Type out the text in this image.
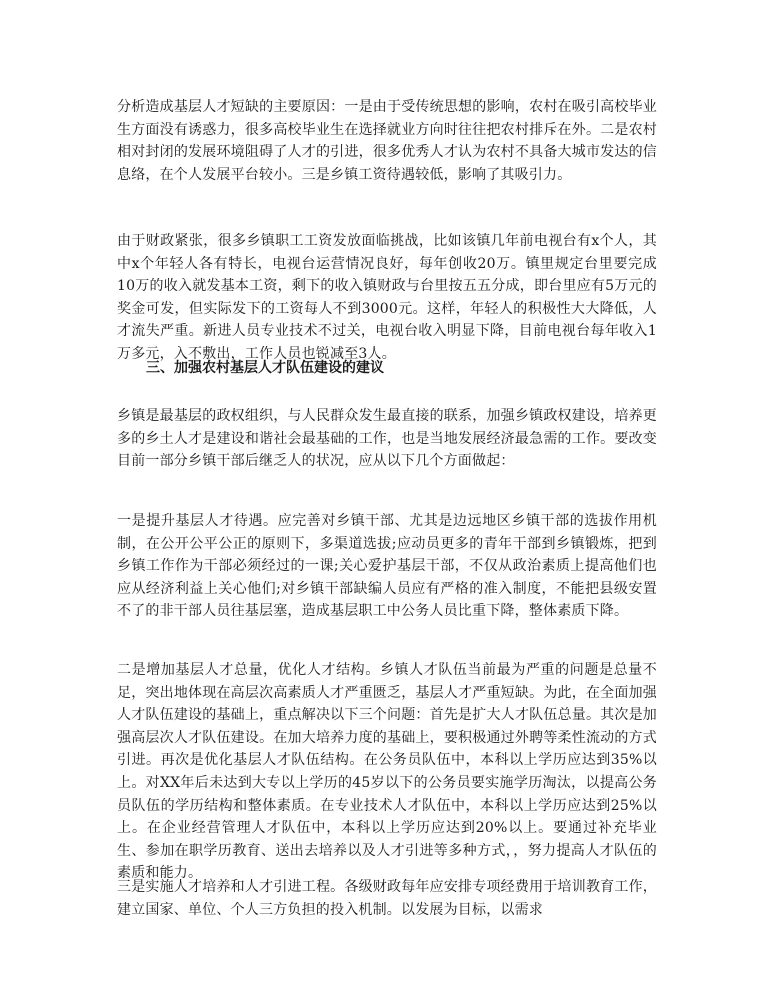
分析造成基层人才短缺的主要原因：一是由于受传统思想的影响，农村在吸引高校毕业生方面没有诱惑力，很多高校毕业生在选择就业方向时往往把农村排斥在外。二是农村相对封闭的发展环境阻碍了人才的引进，很多优秀人才认为农村不具备大城市发达的信息络，在个人发展平台较小。三是乡镇工资待遇较低，影响了其吸引力。

由于财政紧张，很多乡镇职工工资发放面临挑战，比如该镇几年前电视台有x个人，其中x个年轻人各有特长，电视台运营情况良好，每年创收20万。镇里规定台里要完成10万的收入就发基本工资，剩下的收入镇财政与台里按五五分成，即台里应有5万元的奖金可发，但实际发下的工资每人不到3000元。这样，年轻人的积极性大大降低，人才流失严重。新进人员专业技术不过关，电视台收入明显下降，目前电视台每年收入1万多元，入不敷出，工作人员也锐减至3人。

三、加强农村基层人才队伍建设的建议

乡镇是最基层的政权组织，与人民群众发生最直接的联系，加强乡镇政权建设，培养更多的乡土人才是建设和谐社会最基础的工作，也是当地发展经济最急需的工作。要改变目前一部分乡镇干部后继乏人的状况，应从以下几个方面做起：

一是提升基层人才待遇。应完善对乡镇干部、尤其是边远地区乡镇干部的选拔作用机制，在公开公平公正的原则下，多渠道选拔;应动员更多的青年干部到乡镇锻炼，把到乡镇工作作为干部必须经过的一课;关心爱护基层干部，不仅从政治素质上提高他们也应从经济利益上关心他们;对乡镇干部缺编人员应有严格的准入制度，不能把县级安置不了的非干部人员往基层塞，造成基层职工中公务人员比重下降，整体素质下降。

二是增加基层人才总量，优化人才结构。乡镇人才队伍当前最为严重的问题是总量不足，突出地体现在高层次高素质人才严重匮乏，基层人才严重短缺。为此，在全面加强人才队伍建设的基础上，重点解决以下三个问题：首先是扩大人才队伍总量。其次是加强高层次人才队伍建设。在加大培养力度的基础上，要积极通过外聘等柔性流动的方式引进。再次是优化基层人才队伍结构。在公务员队伍中，本科以上学历应达到35%以上。对XX年后未达到大专以上学历的45岁以下的公务员要实施学历淘汰，以提高公务员队伍的学历结构和整体素质。在专业技术人才队伍中，本科以上学历应达到25%以上。在企业经营管理人才队伍中，本科以上学历应达到20%以上。要通过补充毕业生、参加在职学历教育、送出去培养以及人才引进等多种方式，，努力提高人才队伍的素质和能力。

三是实施人才培养和人才引进工程。各级财政每年应安排专项经费用于培训教育工作，建立国家、单位、个人三方负担的投入机制。以发展为目标，以需求
